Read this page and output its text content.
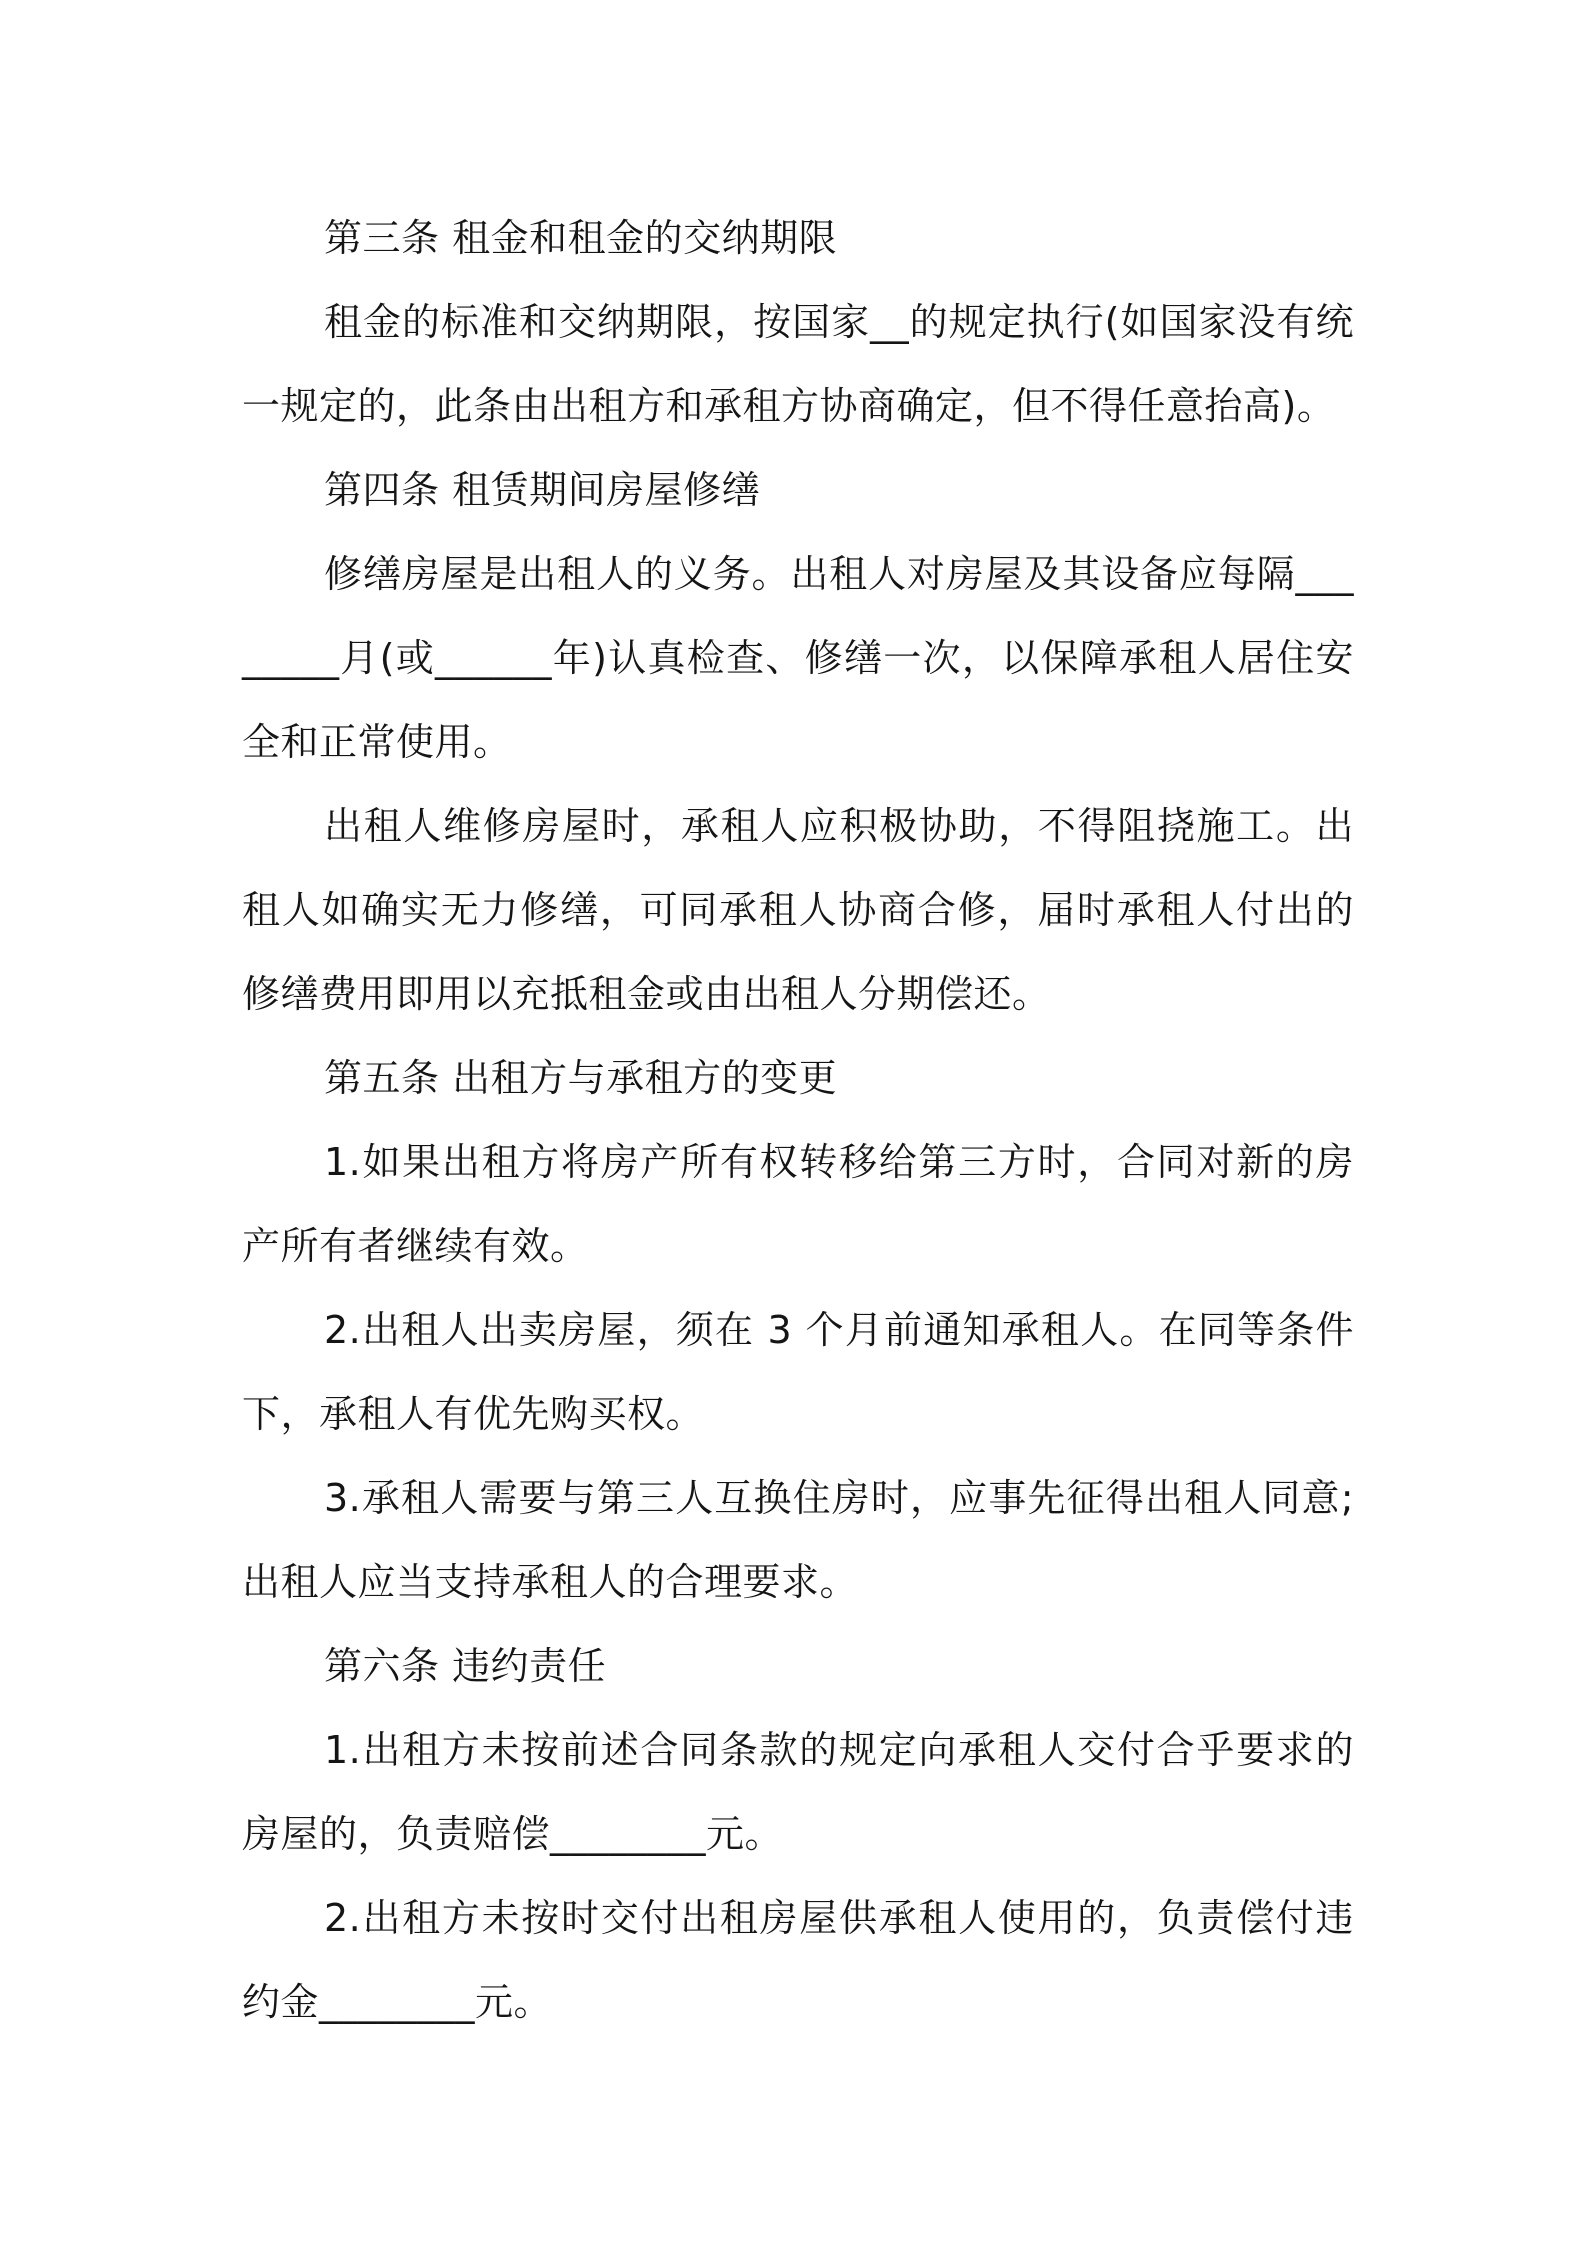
第三条 租金和租金的交纳期限

租金的标准和交纳期限，按国家__的规定执行(如国家没有统一规定的，此条由出租方和承租方协商确定，但不得任意抬高)。

第四条 租赁期间房屋修缮

修缮房屋是出租人的义务。出租人对房屋及其设备应每隔________月(或______年)认真检查、修缮一次，以保障承租人居住安全和正常使用。

出租人维修房屋时，承租人应积极协助，不得阻挠施工。出租人如确实无力修缮，可同承租人协商合修，届时承租人付出的修缮费用即用以充抵租金或由出租人分期偿还。

第五条 出租方与承租方的变更

1.如果出租方将房产所有权转移给第三方时，合同对新的房产所有者继续有效。

2.出租人出卖房屋，须在 3 个月前通知承租人。在同等条件下，承租人有优先购买权。

3.承租人需要与第三人互换住房时，应事先征得出租人同意;出租人应当支持承租人的合理要求。

第六条 违约责任

1.出租方未按前述合同条款的规定向承租人交付合乎要求的房屋的，负责赔偿________元。

2.出租方未按时交付出租房屋供承租人使用的，负责偿付违约金________元。
